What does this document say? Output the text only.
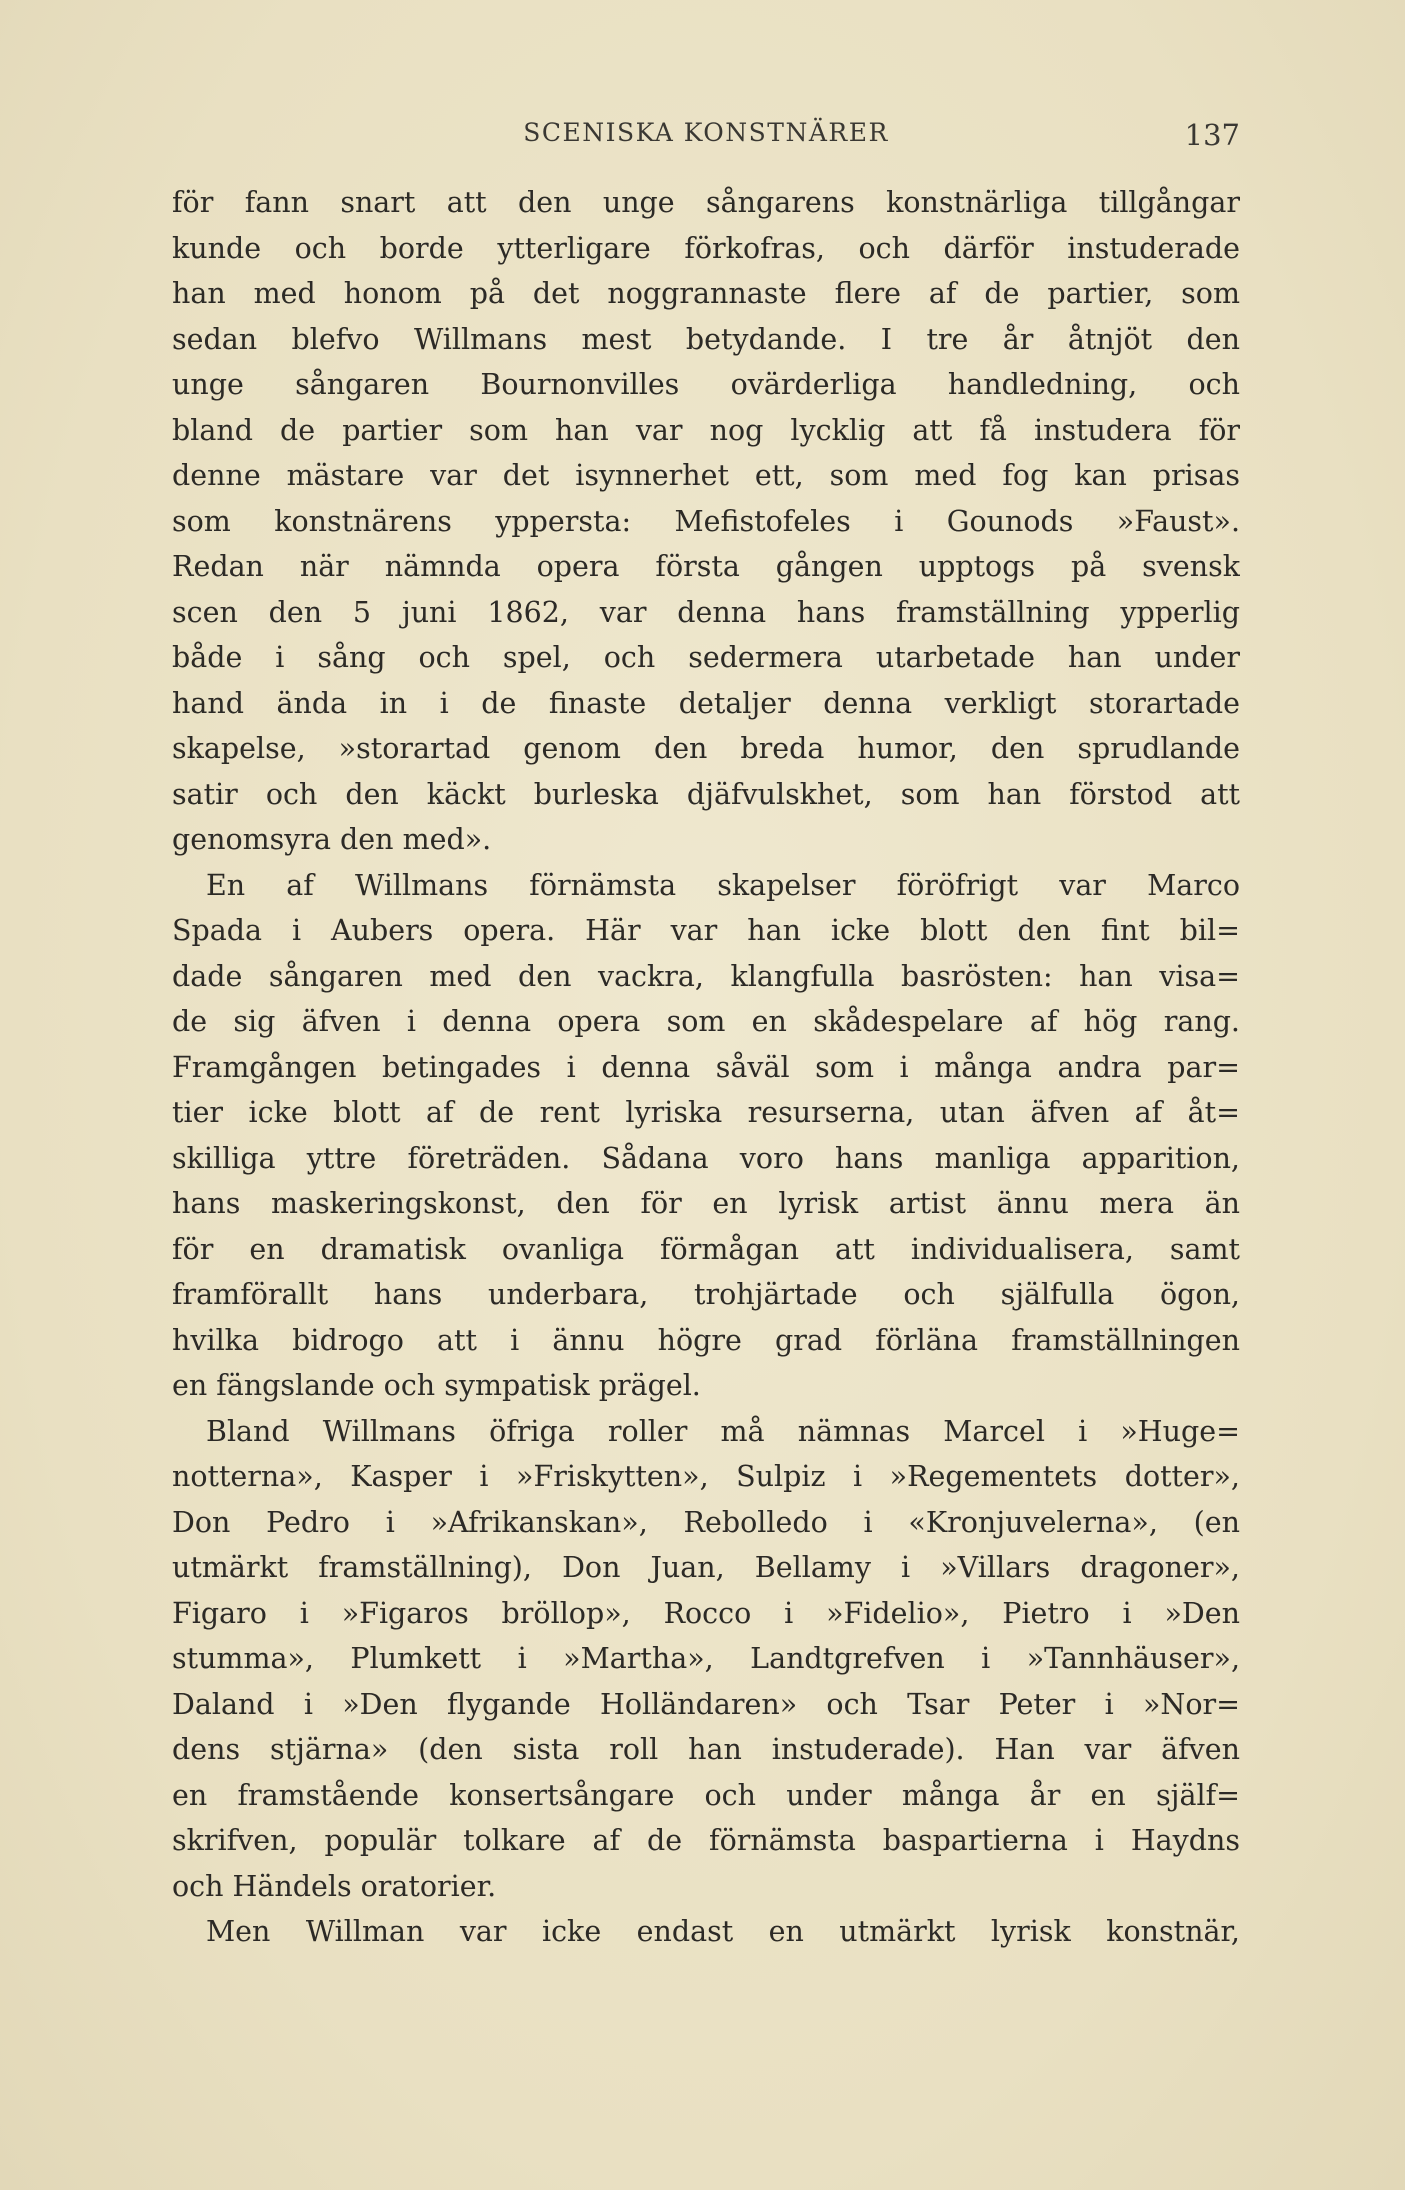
SCENISKA KONSTNÄRER	137
för fann snart att den unge sångarens konstnärliga tillgångar
kunde och borde ytterligare förkofras, och därför instuderade
han med honom på det noggrannaste flere af de partier, som
sedan blefvo Willmans mest betydande. I tre år åtnjöt den
unge sångaren Bournonvilles ovärderliga handledning, och
bland de partier som han var nog lycklig att få instudera för
denne mästare var det isynnerhet ett, som med fog kan prisas
som konstnärens yppersta: Mefistofeles i Gounods »Faust».
Redan när nämnda opera första gången upptogs på svensk
scen den 5 juni 1862, var denna hans framställning ypperlig
både i sång och spel, och sedermera utarbetade han under
hand ända in i de finaste detaljer denna verkligt storartade
skapelse, »storartad genom den breda humor, den sprudlande
satir och den käckt burleska djäfvulskhet, som han förstod att
genomsyra den med».
En af Willmans förnämsta skapelser föröfrigt var Marco
Spada i Aubers opera. Här var han icke blott den fint bil=
dade sångaren med den vackra, klangfulla basrösten: han visa=
de sig äfven i denna opera som en skådespelare af hög rang.
Framgången betingades i denna såväl som i många andra par=
tier icke blott af de rent lyriska resurserna, utan äfven af åt=
skilliga yttre företräden. Sådana voro hans manliga apparition,
hans maskeringskonst, den för en lyrisk artist ännu mera än
för en dramatisk ovanliga förmågan att individualisera, samt
framförallt hans underbara, trohjärtade och själfulla ögon,
hvilka bidrogo att i ännu högre grad förläna framställningen
en fängslande och sympatisk prägel.
Bland Willmans öfriga roller må nämnas Marcel i »Huge=
notterna», Kasper i »Friskytten», Sulpiz i »Regementets dotter»,
Don Pedro i »Afrikanskan», Rebolledo i «Kronjuvelerna», (en
utmärkt framställning), Don Juan, Bellamy i »Villars dragoner»,
Figaro i »Figaros bröllop», Rocco i »Fidelio», Pietro i »Den
stumma», Plumkett i »Martha», Landtgrefven i »Tannhäuser»,
Daland i »Den flygande Holländaren» och Tsar Peter i »Nor=
dens stjärna» (den sista roll han instuderade). Han var äfven
en framstående konsertsångare och under många år en själf=
skrifven, populär tolkare af de förnämsta baspartierna i Haydns
och Händels oratorier.
Men Willman var icke endast en utmärkt lyrisk konstnär,
